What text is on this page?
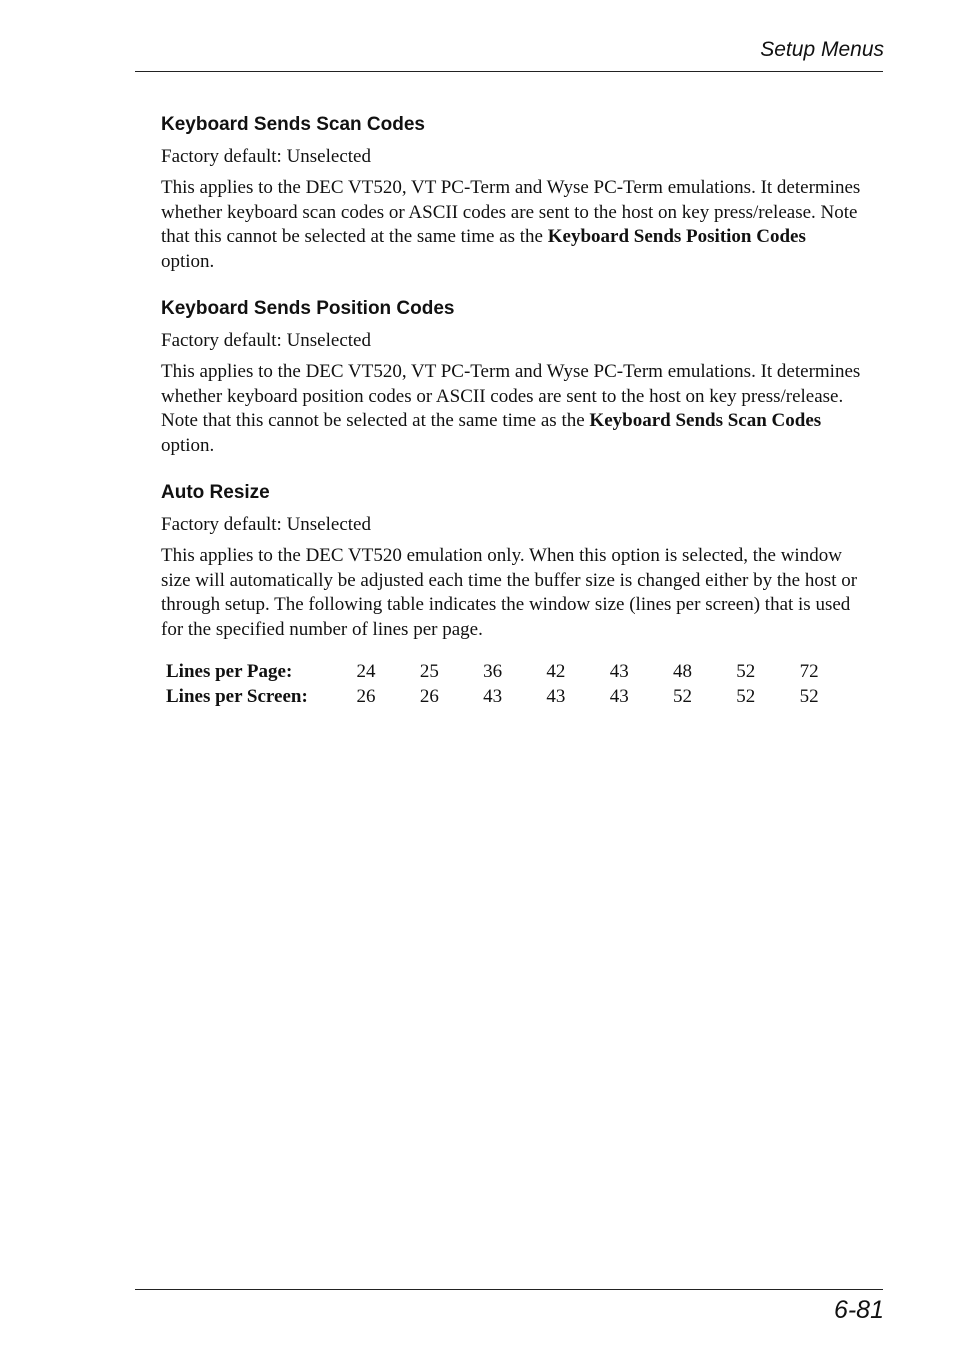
Setup Menus
Keyboard Sends Scan Codes

Factory default: Unselected

This applies to the DEC VT520, VT PC-Term and Wyse PC-Term emulations. It determines whether keyboard scan codes or ASCII codes are sent to the host on key press/release. Note that this cannot be selected at the same time as the Keyboard Sends Position Codes option.

Keyboard Sends Position Codes

Factory default: Unselected

This applies to the DEC VT520, VT PC-Term and Wyse PC-Term emulations. It determines whether keyboard position codes or ASCII codes are sent to the host on key press/release. Note that this cannot be selected at the same time as the Keyboard Sends Scan Codes option.

Auto Resize

Factory default: Unselected

This applies to the DEC VT520 emulation only. When this option is selected, the window size will automatically be adjusted each time the buffer size is changed either by the host or through setup. The following table indicates the window size (lines per screen) that is used for the specified number of lines per page.

Lines per Page:	24	25	36	42	43	48	52	72
Lines per Screen:	26	26	43	43	43	52	52	52
6-81
